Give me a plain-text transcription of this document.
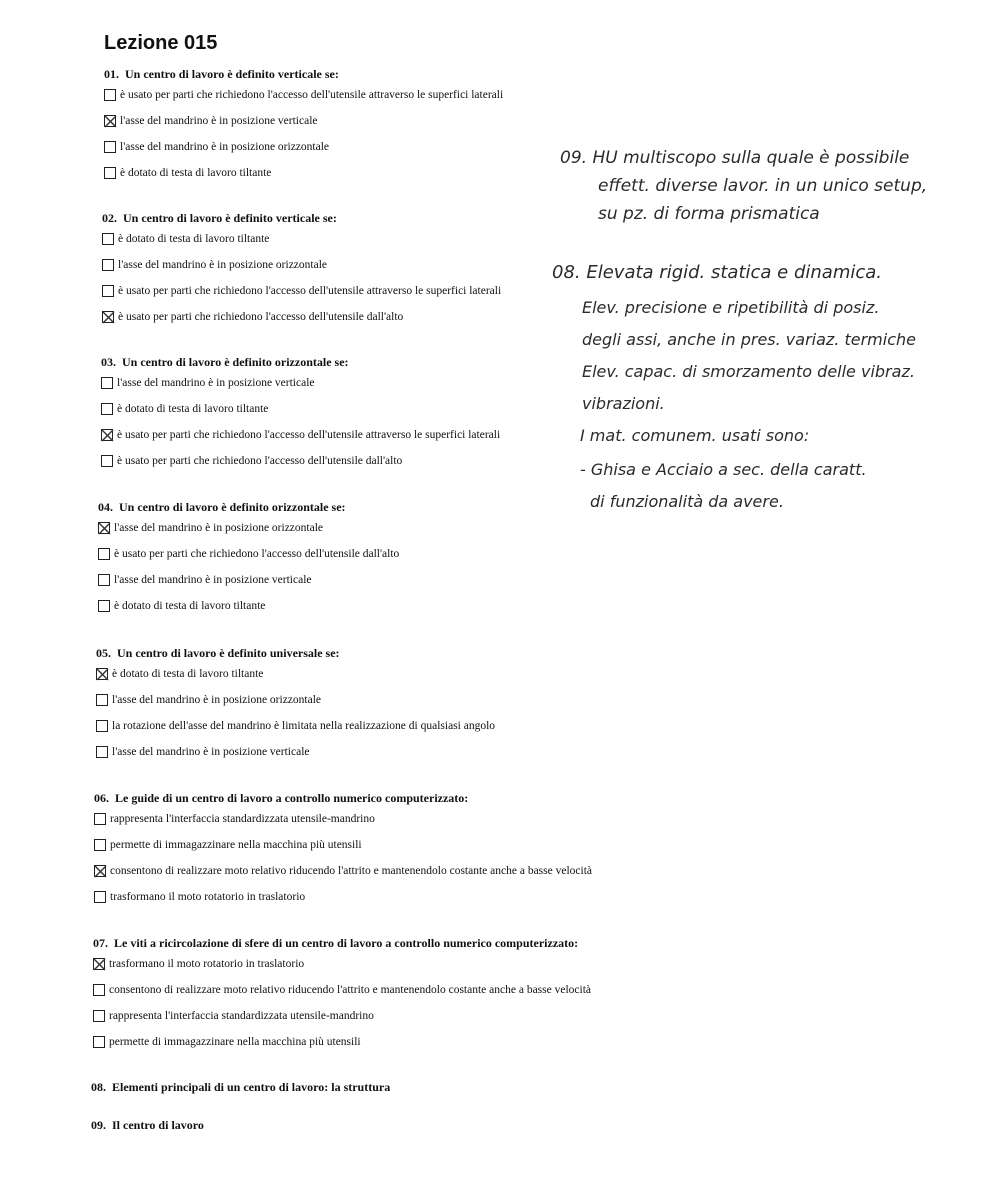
Lezione 015
01. Un centro di lavoro è definito verticale se:
è usato per parti che richiedono l'accesso dell'utensile attraverso le superfici laterali
l'asse del mandrino è in posizione verticale
l'asse del mandrino è in posizione orizzontale
è dotato di testa di lavoro tiltante
02. Un centro di lavoro è definito verticale se:
è dotato di testa di lavoro tiltante
l'asse del mandrino è in posizione orizzontale
è usato per parti che richiedono l'accesso dell'utensile attraverso le superfici laterali
è usato per parti che richiedono l'accesso dell'utensile dall'alto
03. Un centro di lavoro è definito orizzontale se:
l'asse del mandrino è in posizione verticale
è dotato di testa di lavoro tiltante
è usato per parti che richiedono l'accesso dell'utensile attraverso le superfici laterali
è usato per parti che richiedono l'accesso dell'utensile dall'alto
04. Un centro di lavoro è definito orizzontale se:
l'asse del mandrino è in posizione orizzontale
è usato per parti che richiedono l'accesso dell'utensile dall'alto
l'asse del mandrino è in posizione verticale
è dotato di testa di lavoro tiltante
05. Un centro di lavoro è definito universale se:
è dotato di testa di lavoro tiltante
l'asse del mandrino è in posizione orizzontale
la rotazione dell'asse del mandrino è limitata nella realizzazione di qualsiasi angolo
l'asse del mandrino è in posizione verticale
06. Le guide di un centro di lavoro a controllo numerico computerizzato:
rappresenta l'interfaccia standardizzata utensile-mandrino
permette di immagazzinare nella macchina più utensili
consentono di realizzare moto relativo riducendo l'attrito e mantenendolo costante anche a basse velocità
trasformano il moto rotatorio in traslatorio
07. Le viti a ricircolazione di sfere di un centro di lavoro a controllo numerico computerizzato:
trasformano il moto rotatorio in traslatorio
consentono di realizzare moto relativo riducendo l'attrito e mantenendolo costante anche a basse velocità
rappresenta l'interfaccia standardizzata utensile-mandrino
permette di immagazzinare nella macchina più utensili
08. Elementi principali di un centro di lavoro: la struttura
09. Il centro di lavoro
09. HU multiscopo sulla quale è possibile
effett. diverse lavor. in un unico setup,
su pz. di forma prismatica
08. Elevata rigid. statica e dinamica.
Elev. precisione e ripetibilità di posiz.
degli assi, anche in pres. variaz. termiche
Elev. capac. di smorzamento delle vibraz.
vibrazioni.
I mat. comunem. usati sono:
- Ghisa e Acciaio a sec. della caratt.
di funzionalità da avere.
